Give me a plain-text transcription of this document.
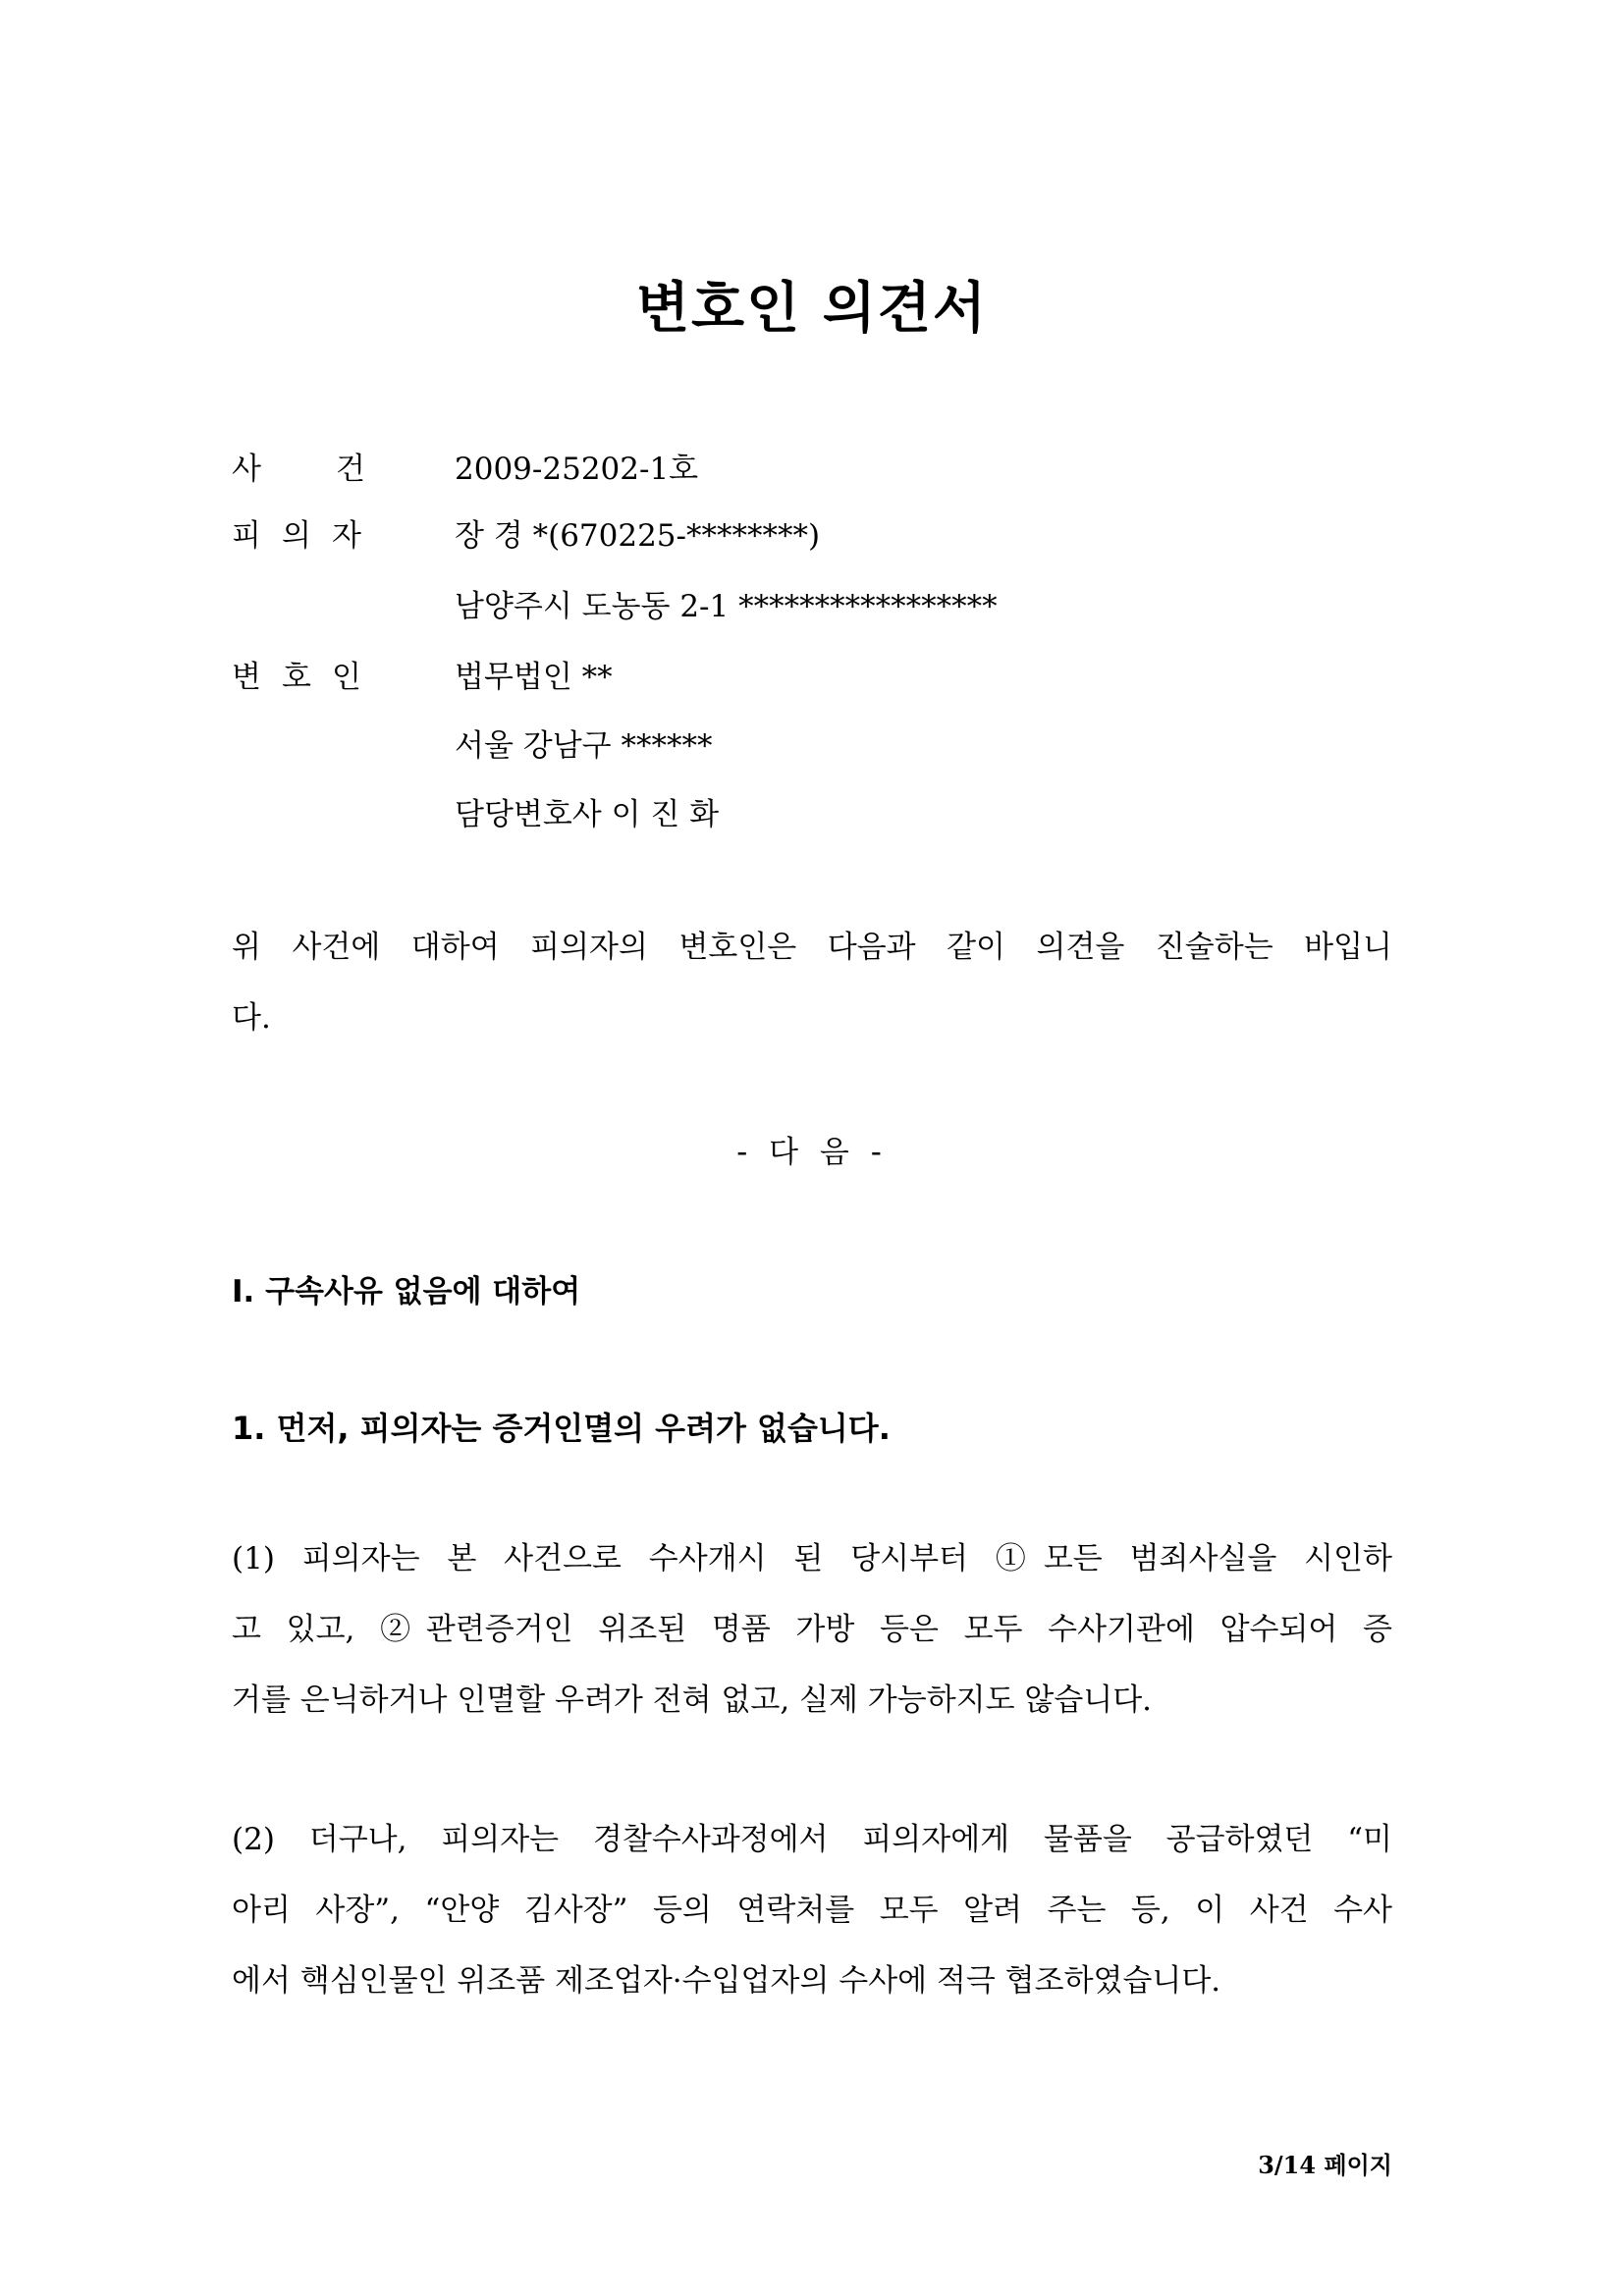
변호인 의견서
사 건	2009-25202-1호
피 의 자	장 경 *(670225-********)
남양주시 도농동 2-1 *****************
변 호 인	법무법인 **
서울 강남구 ******
담당변호사 이 진 화
위 사건에 대하여 피의자의 변호인은 다음과 같이 의견을 진술하는 바입니
다.
- 다 음 -
Ⅰ. 구속사유 없음에 대하여
1. 먼저, 피의자는 증거인멸의 우려가 없습니다.
(1) 피의자는 본 사건으로 수사개시 된 당시부터 ①모든 범죄사실을 시인하
고 있고, ②관련증거인 위조된 명품 가방 등은 모두 수사기관에 압수되어 증
거를 은닉하거나 인멸할 우려가 전혀 없고, 실제 가능하지도 않습니다.
(2) 더구나, 피의자는 경찰수사과정에서 피의자에게 물품을 공급하였던 “미
아리 사장”, “안양 김사장” 등의 연락처를 모두 알려 주는 등, 이 사건 수사
에서 핵심인물인 위조품 제조업자·수입업자의 수사에 적극 협조하였습니다.
3/14 페이지
